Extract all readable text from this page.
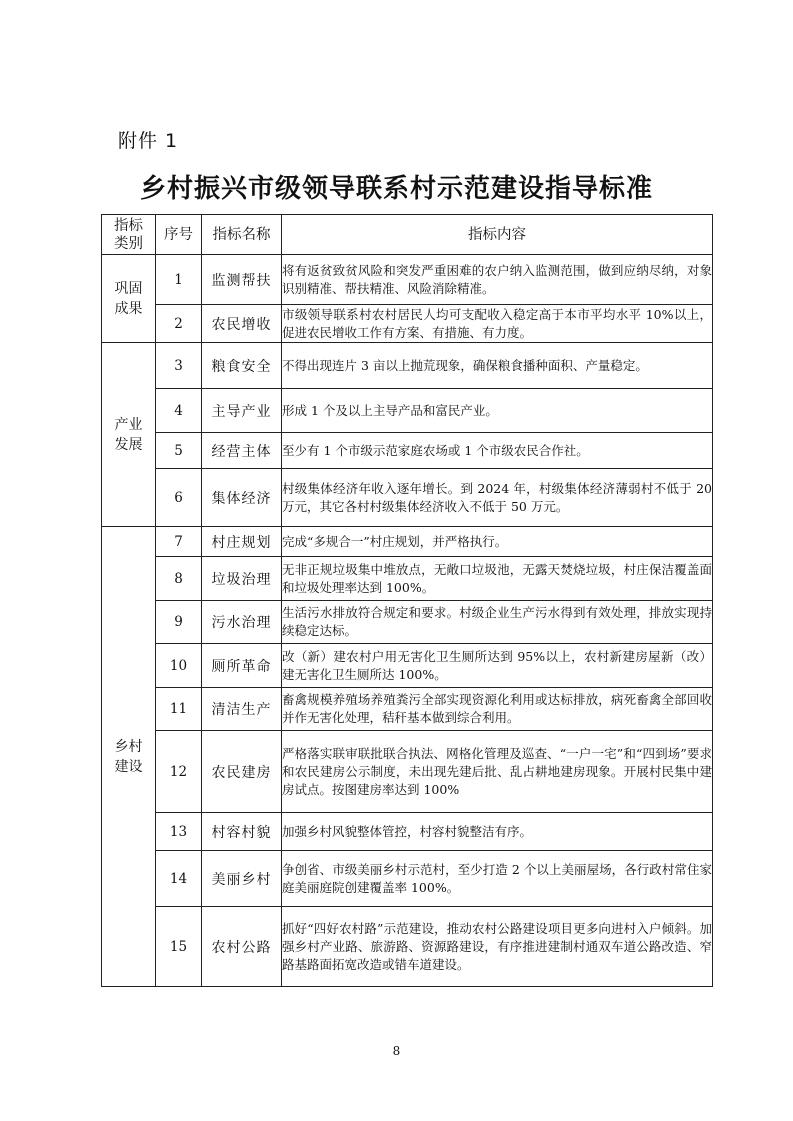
附件 1
乡村振兴市级领导联系村示范建设指导标准
指标类别	序号	指标名称	指标内容
巩固成果	1	监测帮扶	将有返贫致贫风险和突发严重困难的农户纳入监测范围，做到应纳尽纳，对象识别精准、帮扶精准、风险消除精准。
	2	农民增收	市级领导联系村农村居民人均可支配收入稳定高于本市平均水平 10%以上，促进农民增收工作有方案、有措施、有力度。
产业发展	3	粮食安全	不得出现连片 3 亩以上抛荒现象，确保粮食播种面积、产量稳定。
	4	主导产业	形成 1 个及以上主导产品和富民产业。
	5	经营主体	至少有 1 个市级示范家庭农场或 1 个市级农民合作社。
	6	集体经济	村级集体经济年收入逐年增长。到 2024 年，村级集体经济薄弱村不低于 20 万元，其它各村村级集体经济收入不低于 50 万元。
乡村建设	7	村庄规划	完成“多规合一”村庄规划，并严格执行。
	8	垃圾治理	无非正规垃圾集中堆放点，无敞口垃圾池，无露天焚烧垃圾，村庄保洁覆盖面和垃圾处理率达到 100%。
	9	污水治理	生活污水排放符合规定和要求。村级企业生产污水得到有效处理，排放实现持续稳定达标。
	10	厕所革命	改（新）建农村户用无害化卫生厕所达到 95%以上，农村新建房屋新（改）建无害化卫生厕所达 100%。
	11	清洁生产	畜禽规模养殖场养殖粪污全部实现资源化利用或达标排放，病死畜禽全部回收并作无害化处理，秸秆基本做到综合利用。
	12	农民建房	严格落实联审联批联合执法、网格化管理及巡查、“一户一宅”和“四到场”要求和农民建房公示制度，未出现先建后批、乱占耕地建房现象。开展村民集中建房试点。按图建房率达到 100%
	13	村容村貌	加强乡村风貌整体管控，村容村貌整洁有序。
	14	美丽乡村	争创省、市级美丽乡村示范村，至少打造 2 个以上美丽屋场，各行政村常住家庭美丽庭院创建覆盖率 100%。
	15	农村公路	抓好“四好农村路”示范建设，推动农村公路建设项目更多向进村入户倾斜。加强乡村产业路、旅游路、资源路建设，有序推进建制村通双车道公路改造、窄路基路面拓宽改造或错车道建设。
8
